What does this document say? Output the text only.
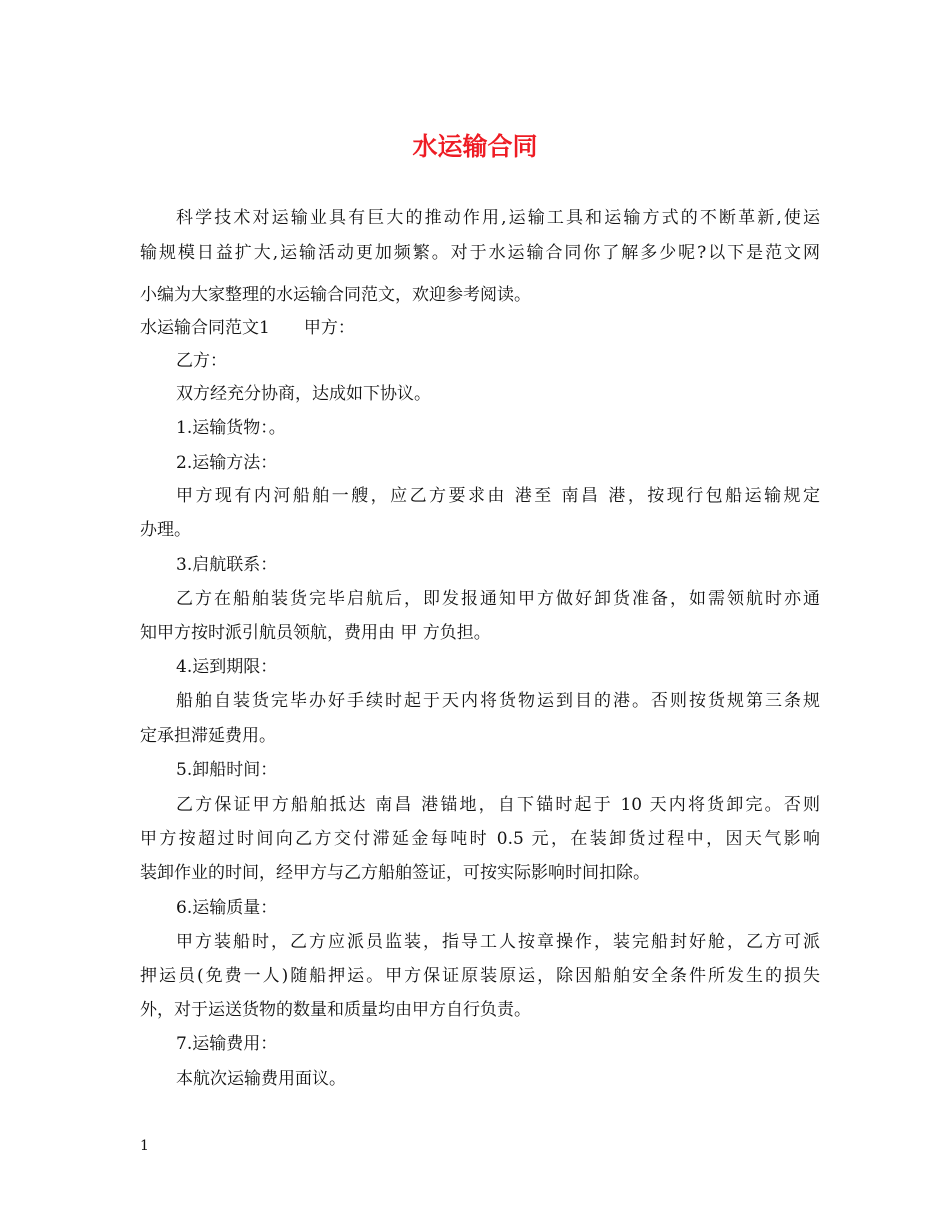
水运输合同

科学技术对运输业具有巨大的推动作用,运输工具和运输方式的不断革新,使运

输规模日益扩大,运输活动更加频繁。对于水运输合同你了解多少呢?以下是范文网

小编为大家整理的水运输合同范文，欢迎参考阅读。

水运输合同范文1　　甲方：

乙方：

双方经充分协商，达成如下协议。

1.运输货物：。

2.运输方法：

甲方现有内河船舶一艘，应乙方要求由 港至 南昌 港，按现行包船运输规定

办理。

3.启航联系：

乙方在船舶装货完毕启航后，即发报通知甲方做好卸货准备，如需领航时亦通

知甲方按时派引航员领航，费用由 甲 方负担。

4.运到期限：

船舶自装货完毕办好手续时起于天内将货物运到目的港。否则按货规第三条规

定承担滞延费用。

5.卸船时间：

乙方保证甲方船舶抵达 南昌 港锚地，自下锚时起于 10 天内将货卸完。否则

甲方按超过时间向乙方交付滞延金每吨时 0.5 元，在装卸货过程中，因天气影响

装卸作业的时间，经甲方与乙方船舶签证，可按实际影响时间扣除。

6.运输质量：

甲方装船时，乙方应派员监装，指导工人按章操作，装完船封好舱，乙方可派

押运员(免费一人)随船押运。甲方保证原装原运，除因船舶安全条件所发生的损失

外，对于运送货物的数量和质量均由甲方自行负责。

7.运输费用：

本航次运输费用面议。

1
